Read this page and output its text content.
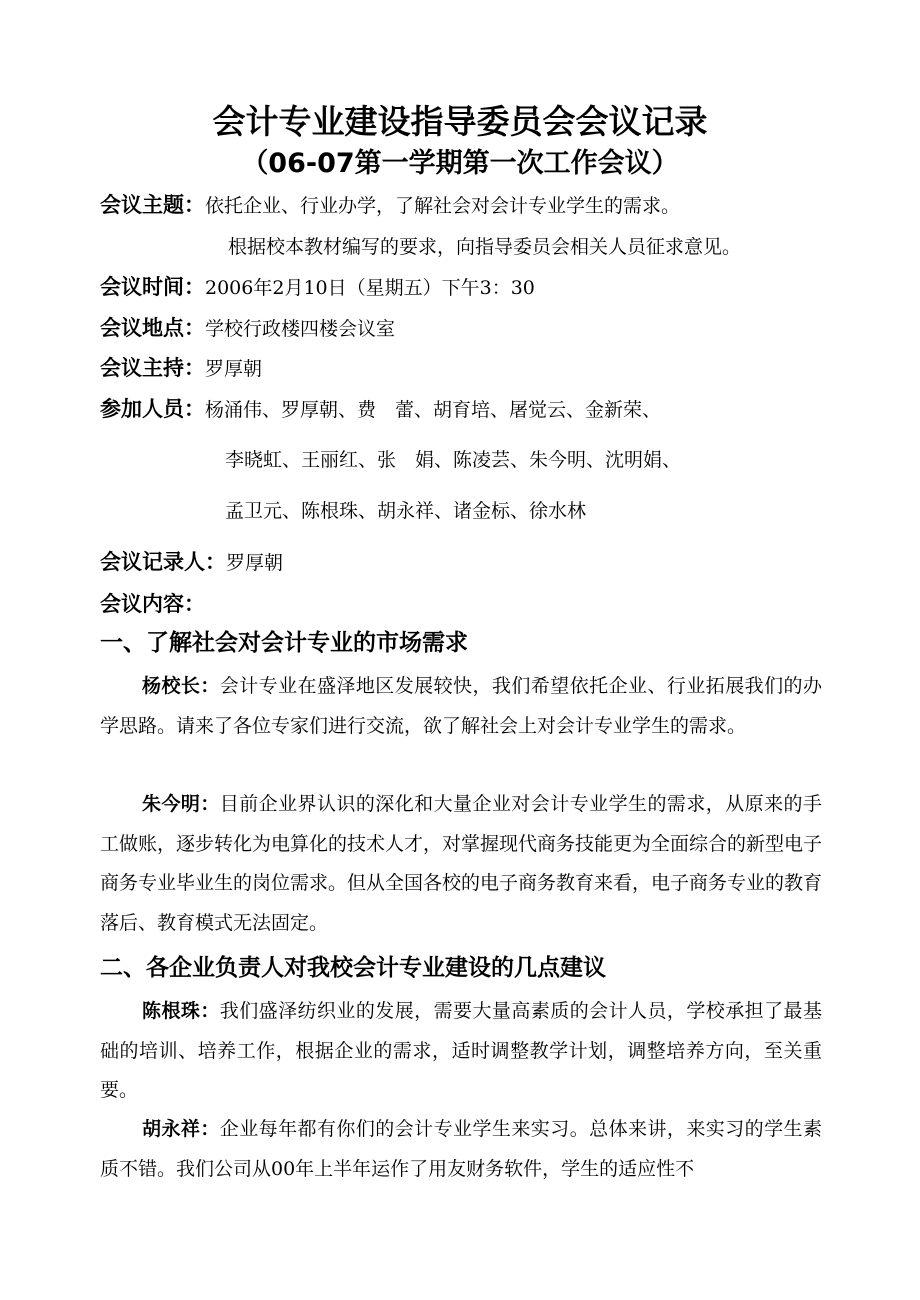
会计专业建设指导委员会会议记录
（06-07第一学期第一次工作会议）
会议主题：依托企业、行业办学，了解社会对会计专业学生的需求。
根据校本教材编写的要求，向指导委员会相关人员征求意见。
会议时间：2006年2月10日（星期五）下午3：30
会议地点：学校行政楼四楼会议室
会议主持：罗厚朝
参加人员：杨涌伟、罗厚朝、费　蕾、胡育培、屠觉云、金新荣、
李晓虹、王丽红、张　娟、陈凌芸、朱今明、沈明娟、
孟卫元、陈根珠、胡永祥、诸金标、徐水林
会议记录人：罗厚朝
会议内容：
一、了解社会对会计专业的市场需求
杨校长：会计专业在盛泽地区发展较快，我们希望依托企业、行业拓展我们的办学思路。请来了各位专家们进行交流，欲了解社会上对会计专业学生的需求。
朱今明：目前企业界认识的深化和大量企业对会计专业学生的需求，从原来的手工做账，逐步转化为电算化的技术人才，对掌握现代商务技能更为全面综合的新型电子商务专业毕业生的岗位需求。但从全国各校的电子商务教育来看，电子商务专业的教育落后、教育模式无法固定。
二、各企业负责人对我校会计专业建设的几点建议
陈根珠：我们盛泽纺织业的发展，需要大量高素质的会计人员，学校承担了最基础的培训、培养工作，根据企业的需求，适时调整教学计划，调整培养方向，至关重要。
胡永祥：企业每年都有你们的会计专业学生来实习。总体来讲，来实习的学生素质不错。我们公司从00年上半年运作了用友财务软件，学生的适应性不
